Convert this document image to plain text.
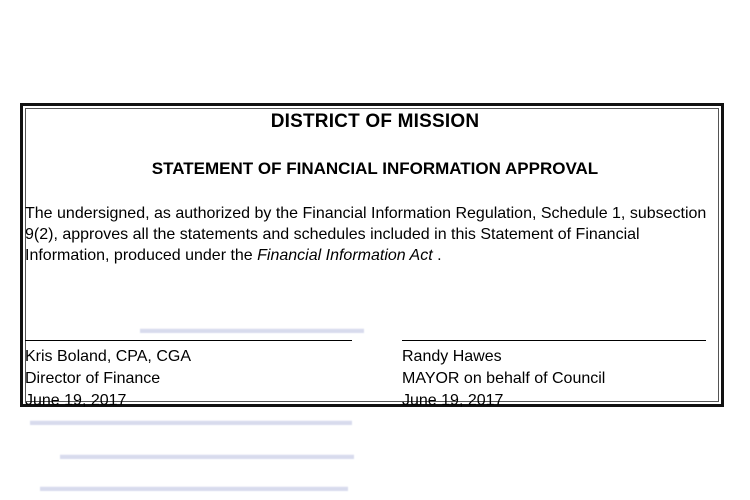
▬▬▬▬▬▬▬▬▬▬▬▬▬▬▬▬
▬▬▬▬▬▬▬▬▬▬▬▬▬▬▬▬▬▬▬▬▬▬▬
▬▬▬▬▬▬▬▬▬▬▬▬▬▬▬▬▬▬▬▬▬
▬▬▬▬▬▬▬▬▬▬▬▬▬▬▬▬▬▬▬▬▬▬
DISTRICT OF MISSION
STATEMENT OF FINANCIAL INFORMATION APPROVAL
The undersigned, as authorized by the Financial Information Regulation, Schedule 1, subsection
9(2), approves all the statements and schedules included in this Statement of Financial
Information, produced under the Financial Information Act .
Kris Boland, CPA, CGA
Director of Finance
June 19, 2017
Randy Hawes
MAYOR on behalf of Council
June 19, 2017
